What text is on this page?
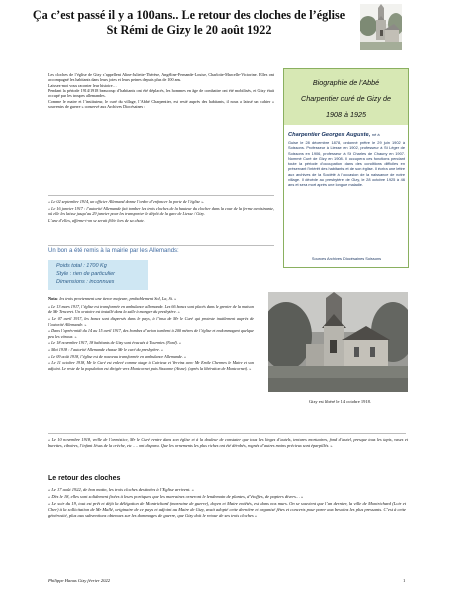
Ça c’est passé il y a 100ans.. Le retour des cloches de l’église St Rémi de Gizy le 20 août 1922

Les cloches de l’église de Gizy s’appellent Aline-Juliette-Thérèse, Angéline-Fernande-Louise, Charlotte-Marcelle-Victorine. Elles ont accompagné les habitants dans leurs joies et leurs peines depuis plus de 100 ans.

Laissez-moi vous raconter leur histoire…

Pendant la période 1914/1918 beaucoup d’habitants ont été déplacés, les hommes en âge de combattre ont été mobilisés, et Gizy était occupé par les troupes allemandes.

Comme le maire et l’instituteur, le curé du village, l’Abbé Charpentier, est resté auprès des habitants, il nous a laissé un cahier « souvenirs de guerre » conservé aux Archives Diocésaines :

Biographie de l’Abbé
Charpentier curé de Gizy de
1908 à 1925
Charpentier Georges Auguste, né à
Guise le 28 décembre 1878, ordonné prêtre le 29 juin 1902 à Soissons. Professeur à Liesse en 1902, professeur à St Léger de Soissons en 1906, professeur à St Charles de Chauny en 1907. Nommé Curé de Gizy en 1908. Il occupera ces fonctions pendant toute la période d’occupation dans des conditions difficiles en préservant l’intérêt des habitants et de son église. Il écrira une lettre aux archives de la Société à l’occasion de la naissance de notre village. Il décède au presbytère de Gizy, le 28 octobre 1925 à 46 ans et sera mort après une longue maladie.
Sources Archives Diocésaines Soissons

« Le 02 septembre 1914, un officier Allemand donne l’ordre d’enfoncer la porte de l’église ».

« Le 16 janvier 1917 : l’autorité Allemande fait tomber les trois cloches de la hauteur du clocher dans la cour de la ferme avoisinante, où elle les laisse jusqu’au 29 janvier pour les transporter le dépôt de la gare de Liesse / Gizy.

L’une d’elles, affirme-t-on se serait fêlée lors de sa chute.

Un bon a été remis à la mairie par les Allemands:
Poids total : 1700 Kg
Style : rien de particulier
Dimensions : inconnues
Nota: les trois proviennent une tierce majeure, probablement Sol, La, Si. »

« Le 13 mars 1917, l’église est transformée en ambulance allemande. Les 66 bancs sont placés dans le grenier de la maison de Mr Tenceret. Un oratoire est installé dans la salle à manger du presbytère. »

« Le 07 avril 1917, les bancs sont dispersés dans le pays, à l’insu de Mr le Curé qui proteste inutilement auprès de l’autorité Allemande. »

« Dans l’après-midi du 14 au 15 avril 1917, des bombes d’avion tombent à 200 mètres de l’église et endommagent quelque peu les vitraux. »

« Le 18 novembre 1917, 18 habitants de Gizy sont évacués à Tourmies (Nord). »

« Mai 1918 : l’autorité Allemande chasse Mr le curé du presbytère. »

« Le 09 août 1918, l’église est de nouveau transformée en ambulance Allemande. »

« Le 11 octobre 1918, Mr le Curé est enlevé comme otage à Cuirieux et Vervins avec Mr Emile Chermes le Maire et son adjoint. Le reste de la population est dirigée vers Montcornet puis Sissonne (Aisne). (après la libération de Montcornet). »

Gizy est libéré le 14 octobre 1918.
« Le 10 novembre 1918, veille de l’armistice, Mr le Curé rentre dans son église et à la douleur de constater que tous les linges d’autels, tentures mortuaires, fond d’autel, presque tous les tapis, vases et burettes, ciboires, l’infant Jésus de la crèche, etc …. ont disparu. Que les ornements les plus riches ont été dérobés, rognés d’autres moins précieux sont éparpillés. »
Le retour des cloches

« Le 17 août 1922, de bon matin, les trois cloches destinées à l’Eglise arrivent. »

« Dès le 18, elles sont solidement fixées à leurs portiques que les marraines orneront le lendemain de plantes, d’étoffes, de papiers divers… »

« Le soir du 19, tout est prêt et déjà la délégation de Montrichard (marraine de guerre), doyen et Maire entêtés, est dans nos murs. On se souvient que l’an dernier, la ville de Montrichard (Loir et Cher) à la sollicitation de Mr Mallé, originaire de ce pays et adjoint au Maire de Gizy, avait adopté cette dernière et organisé fêtes et concerts pour parer aux besoins les plus pressants. C’est à cette générosité, plus aux subventions obtenues sur les dommages de guerre, que Gizy doit le retour de ses trois cloches »

Philippe Hanus Gizy février 2022	1
